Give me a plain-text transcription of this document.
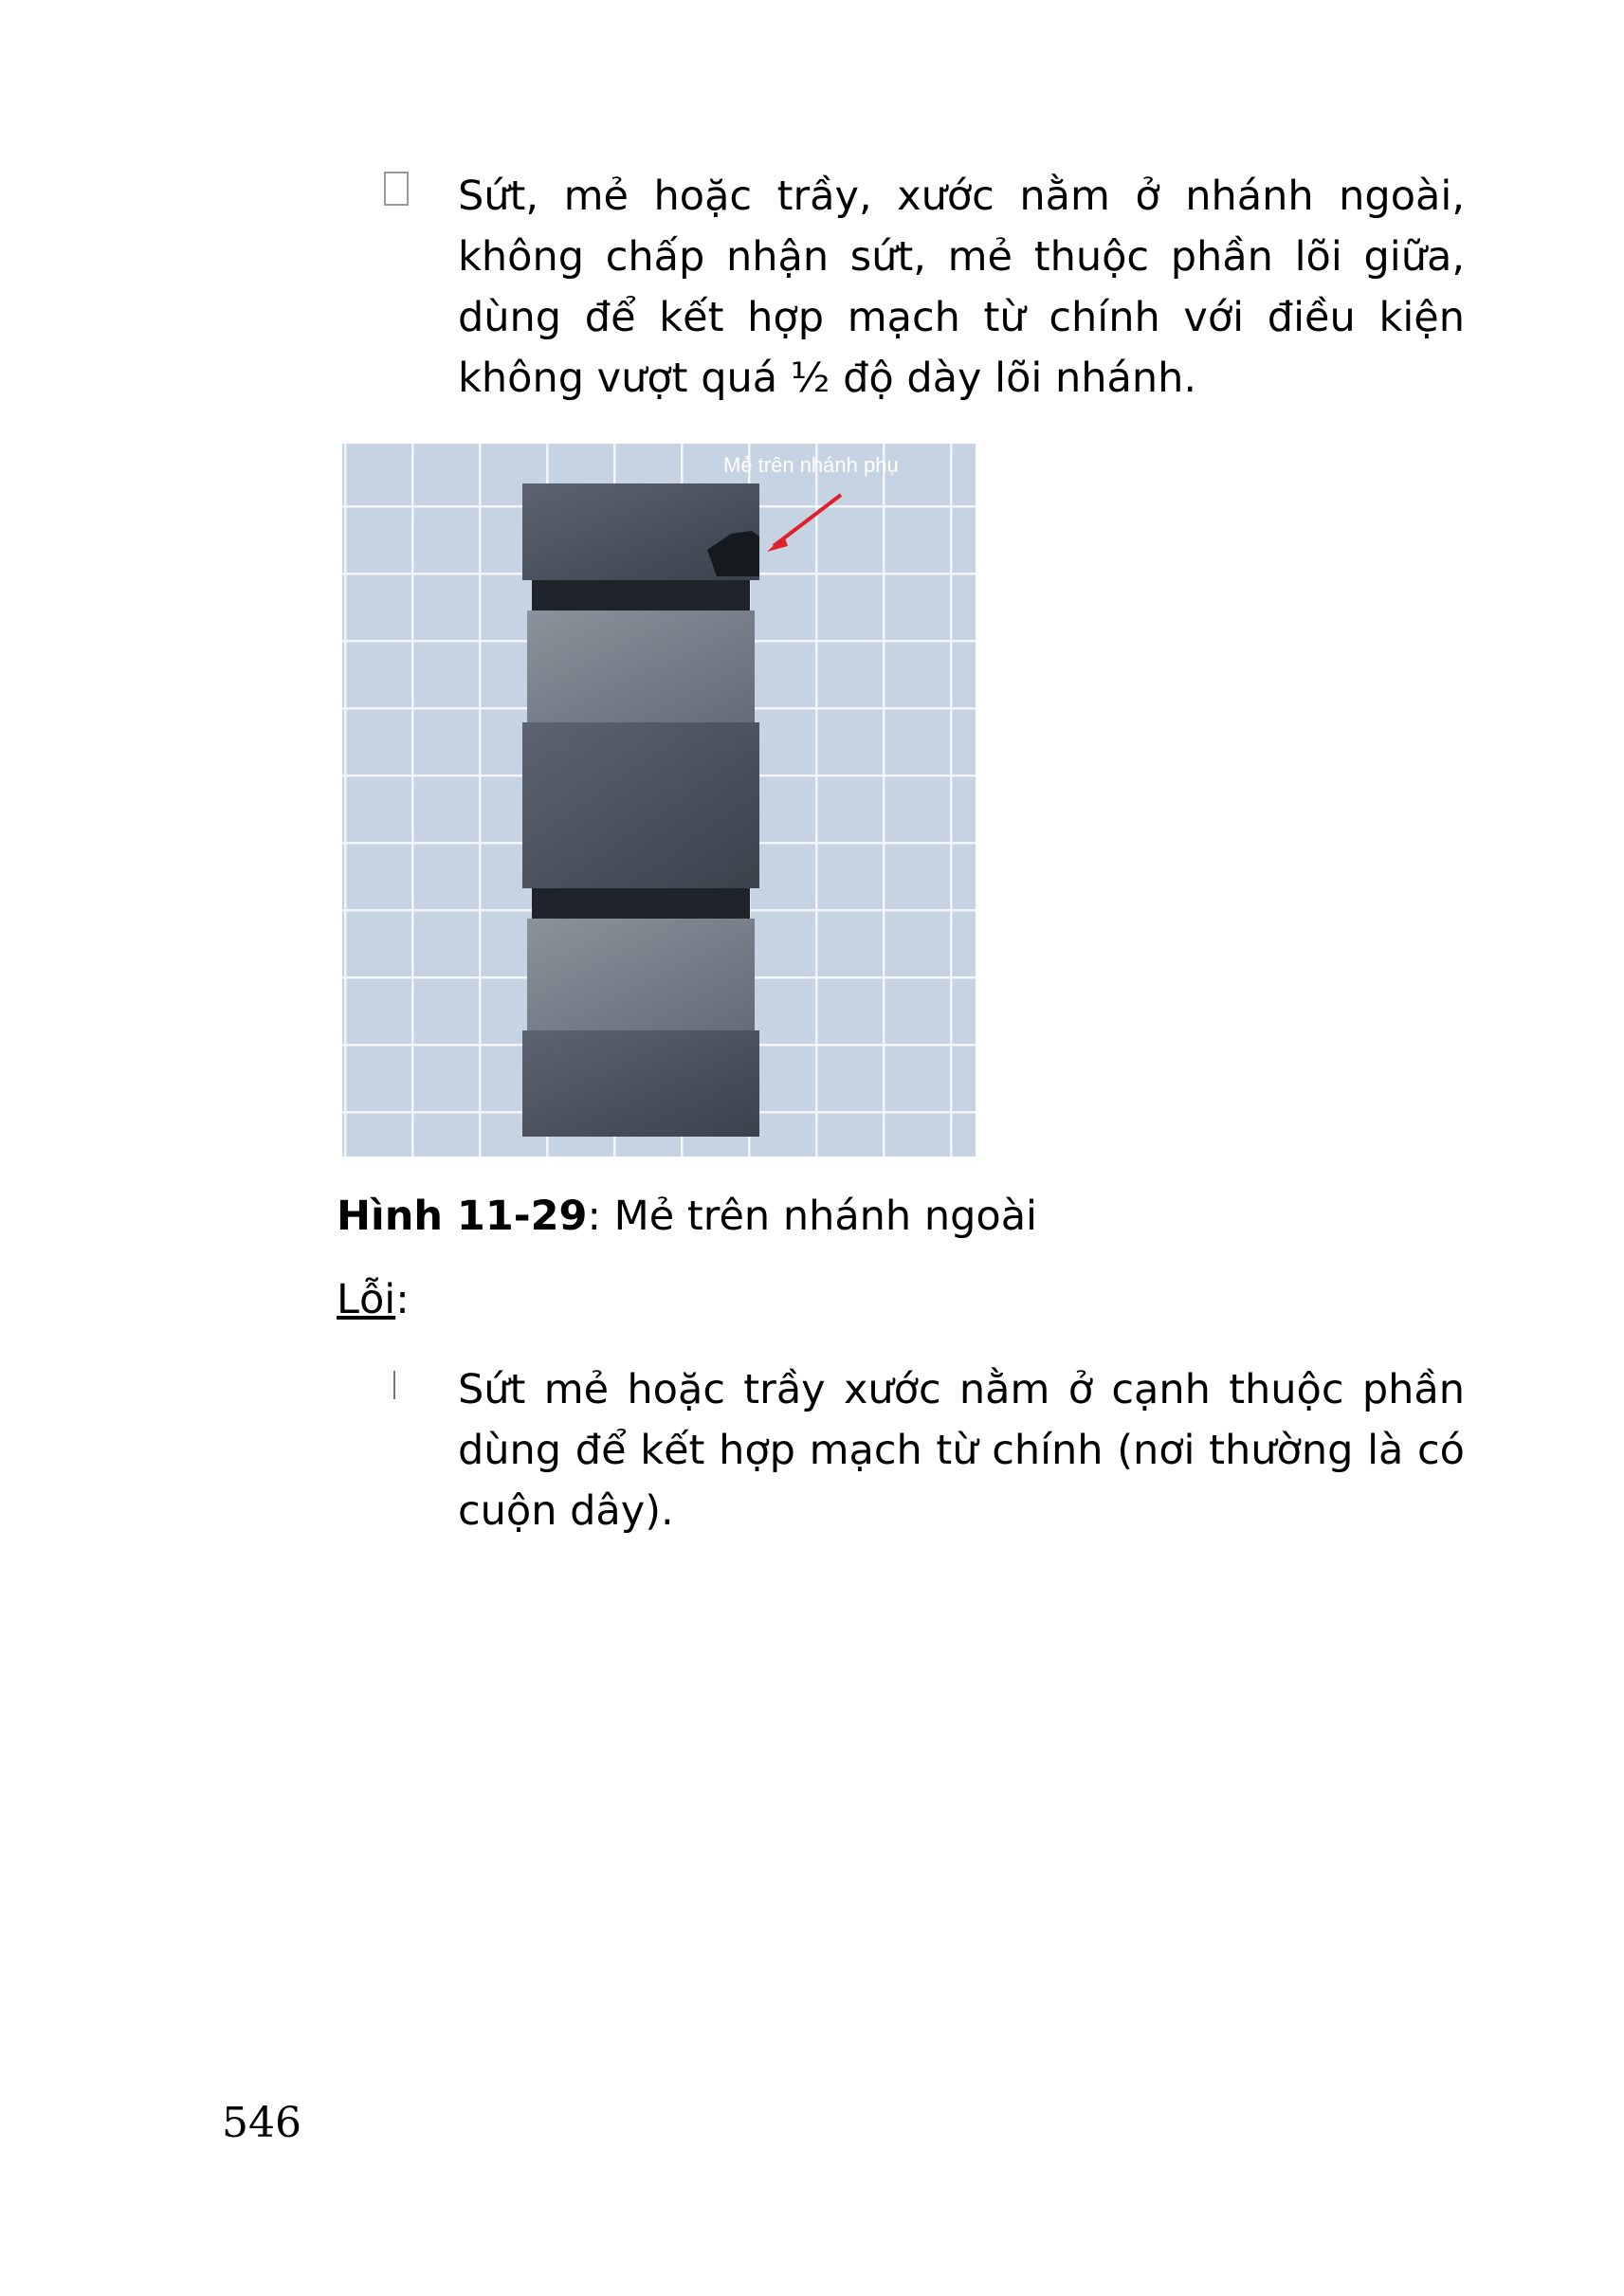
Sứt, mẻ hoặc trầy, xước nằm ở nhánh ngoài, không chấp nhận sứt, mẻ thuộc phần lõi giữa, dùng để kết hợp mạch từ chính với điều kiện không vượt quá ½ độ dày lõi nhánh.
Mẻ trên nhánh phụ
Hình 11-29: Mẻ trên nhánh ngoài
Lỗi:
Sứt mẻ hoặc trầy xước nằm ở cạnh thuộc phần dùng để kết hợp mạch từ chính (nơi thường là có cuộn dây).
546
